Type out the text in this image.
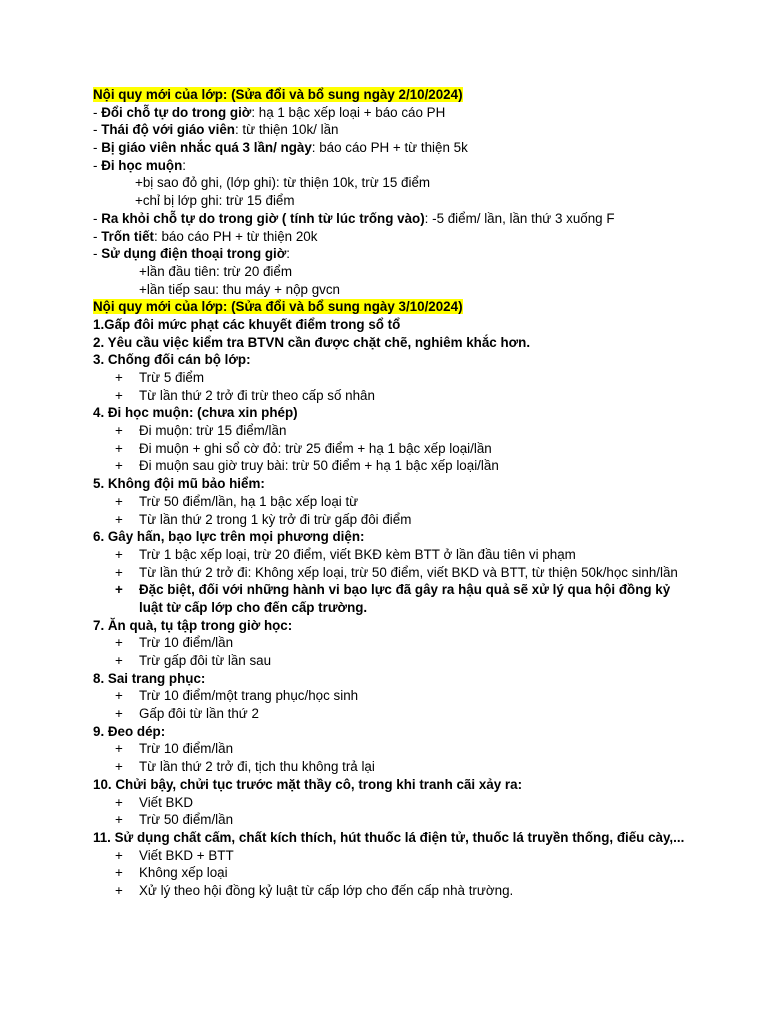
Nội quy mới của lớp: (Sửa đổi và bổ sung ngày 2/10/2024)
- Đổi chỗ tự do trong giờ: hạ 1 bậc xếp loại + báo cáo PH
- Thái độ với giáo viên: từ thiện 10k/ lần
- Bị giáo viên nhắc quá 3 lần/ ngày: báo cáo PH + từ thiện 5k
- Đi học muộn:
+bị sao đỏ ghi, (lớp ghi): từ thiện 10k, trừ 15 điểm
+chỉ bị lớp ghi: trừ 15 điểm
- Ra khỏi chỗ tự do trong giờ ( tính từ lúc trống vào): -5 điểm/ lần, lần thứ 3 xuống F
- Trốn tiết: báo cáo PH + từ thiện 20k
- Sử dụng điện thoại trong giờ:
+lần đầu tiên: trừ 20 điểm
+lần tiếp sau: thu máy + nộp gvcn
Nội quy mới của lớp: (Sửa đổi và bổ sung ngày 3/10/2024)
1.Gấp đôi mức phạt các khuyết điểm trong sổ tổ
2. Yêu cầu việc kiểm tra BTVN cần được chặt chẽ, nghiêm khắc hơn.
3. Chống đối cán bộ lớp:
+ Trừ 5 điểm
+ Từ lần thứ 2 trở đi trừ theo cấp số nhân
4. Đi học muộn: (chưa xin phép)
+ Đi muộn: trừ 15 điểm/lần
+ Đi muộn + ghi sổ cờ đỏ: trừ 25 điểm + hạ 1 bậc xếp loại/lần
+ Đi muộn sau giờ truy bài: trừ 50 điểm + hạ 1 bậc xếp loại/lần
5. Không đội mũ bảo hiểm:
+ Trừ 50 điểm/lần, hạ 1 bậc xếp loại từ
+ Từ lần thứ 2 trong 1 kỳ trở đi trừ gấp đôi điểm
6. Gây hấn, bạo lực trên mọi phương diện:
+ Trừ 1 bậc xếp loại, trừ 20 điểm, viết BKĐ kèm BTT ở lần đầu tiên vi phạm
+ Từ lần thứ 2 trở đi: Không xếp loại, trừ 50 điểm, viết BKD và BTT, từ thiện 50k/học sinh/lần
+ Đặc biệt, đối với những hành vi bạo lực đã gây ra hậu quả sẽ xử lý qua hội đồng kỷ luật từ cấp lớp cho đến cấp trường.
7. Ăn quà, tụ tập trong giờ học:
+ Trừ 10 điểm/lần
+ Trừ gấp đôi từ lần sau
8. Sai trang phục:
+ Trừ 10 điểm/một trang phục/học sinh
+ Gấp đôi từ lần thứ 2
9. Đeo dép:
+ Trừ 10 điểm/lần
+ Từ lần thứ 2 trở đi, tịch thu không trả lại
10. Chửi bậy, chửi tục trước mặt thầy cô, trong khi tranh cãi xảy ra:
+ Viết BKD
+ Trừ 50 điểm/lần
11. Sử dụng chất cấm, chất kích thích, hút thuốc lá điện tử, thuốc lá truyền thống, điếu cày,...
+ Viết BKD + BTT
+ Không xếp loại
+ Xử lý theo hội đồng kỷ luật từ cấp lớp cho đến cấp nhà trường.
